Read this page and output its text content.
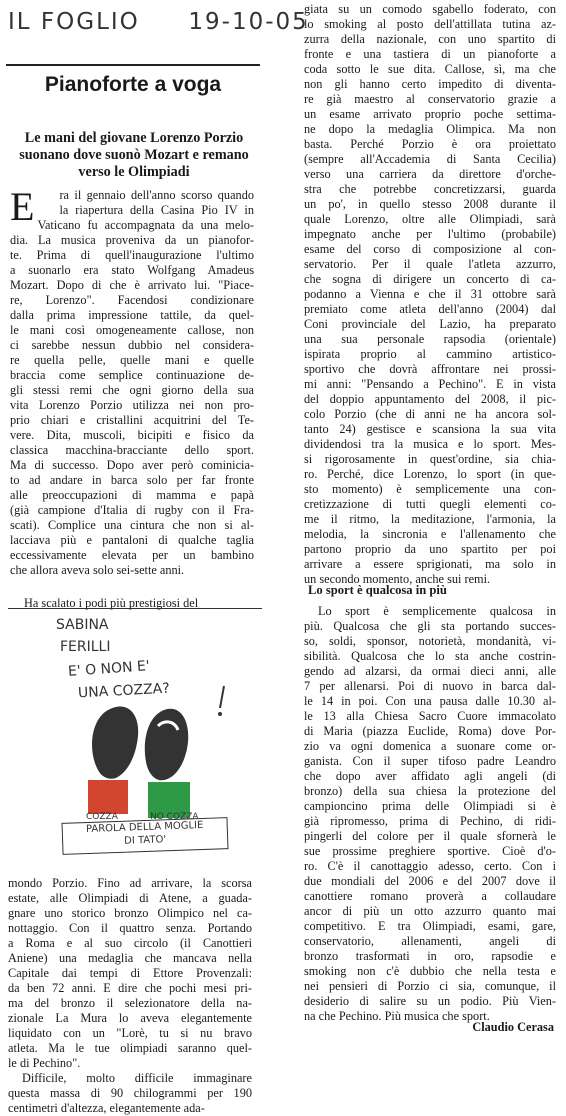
IL FOGLIO 19-10-05
Pianoforte a voga
Le mani del giovane Lorenzo Porzio suonano dove suonò Mozart e remano verso le Olimpiadi
E	ra il gennaio dell'anno scorso quando
la riapertura della Casina Pio IV in
Vaticano fu accompagnata da una melo-
dia. La musica proveniva da un pianofor-
te. Prima di quell'inaugurazione l'ultimo
a suonarlo era stato Wolfgang Amadeus
Mozart. Dopo di che è arrivato lui. "Piace-
re, Lorenzo". Facendosi condizionare
dalla prima impressione tattile, da quel-
le mani così omogeneamente callose, non
ci sarebbe nessun dubbio nel considera-
re quella pelle, quelle mani e quelle
braccia come semplice continuazione de-
gli stessi remi che ogni giorno della sua
vita Lorenzo Porzio utilizza nei non pro-
prio chiari e cristallini acquitrini del Te-
vere. Dita, muscoli, bicipiti e fisico da
classica macchina-bracciante dello sport.
Ma di successo. Dopo aver però cominicia-
to ad andare in barca solo per far fronte
alle preoccupazioni di mamma e papà
(già campione d'Italia di rugby con il Fra-
scati). Complice una cintura che non si al-
lacciava più e pantaloni di qualche taglia
eccessivamente elevata per un bambino
che allora aveva solo sei-sette anni.
Ha scalato i podi più prestigiosi del
SABINA
FERILLI
E' O NON E'
UNA COZZA?
COZZA	NO COZZA
PAROLA DELLA MOGLIE
DI TATO'
mondo Porzio. Fino ad arrivare, la scorsa
estate, alle Olimpiadi di Atene, a guada-
gnare uno storico bronzo Olimpico nel ca-
nottaggio. Con il quattro senza. Portando
a Roma e al suo circolo (il Canottieri
Aniene) una medaglia che mancava nella
Capitale dai tempi di Ettore Provenzali:
da ben 72 anni. E dire che pochi mesi pri-
ma del bronzo il selezionatore della na-
zionale La Mura lo aveva elegantemente
liquidato con un "Lorè, tu si nu bravo
atleta. Ma le tue olimpiadi saranno quel-
le di Pechino".
Difficile, molto difficile immaginare
questa massa di 90 chilogrammi per 190
centimetri d'altezza, elegantemente ada-
giata su un comodo sgabello foderato, con
lo smoking al posto dell'attillata tutina az-
zurra della nazionale, con uno spartito di
fronte e una tastiera di un pianoforte a
coda sotto le sue dita. Callose, sì, ma che
non gli hanno certo impedito di diventa-
re già maestro al conservatorio grazie a
un esame arrivato proprio poche settima-
ne dopo la medaglia Olimpica. Ma non
basta. Perché Porzio è ora proiettato
(sempre all'Accademia di Santa Cecilia)
verso una carriera da direttore d'orche-
stra che potrebbe concretizzarsi, guarda
un po', in quello stesso 2008 durante il
quale Lorenzo, oltre alle Olimpiadi, sarà
impegnato anche per l'ultimo (probabile)
esame del corso di composizione al con-
servatorio. Per il quale l'atleta azzurro,
che sogna di dirigere un concerto di ca-
podanno a Vienna e che il 31 ottobre sarà
premiato come atleta dell'anno (2004) dal
Coni provinciale del Lazio, ha preparato
una sua personale rapsodia (orientale)
ispirata proprio al cammino artistico-
sportivo che dovrà affrontare nei prossi-
mi anni: "Pensando a Pechino". E in vista
del doppio appuntamento del 2008, il pic-
colo Porzio (che di anni ne ha ancora sol-
tanto 24) gestisce e scansiona la sua vita
dividendosi tra la musica e lo sport. Mes-
si rigorosamente in quest'ordine, sia chia-
ro. Perché, dice Lorenzo, lo sport (in que-
sto momento) è semplicemente una con-
cretizzazione di tutti quegli elementi co-
me il ritmo, la meditazione, l'armonia, la
melodia, la sincronia e l'allenamento che
partono proprio da uno spartito per poi
arrivare a essere sprigionati, ma solo in
un secondo momento, anche sui remi.
Lo sport è qualcosa in più
Lo sport è semplicemente qualcosa in
più. Qualcosa che gli sta portando succes-
so, soldi, sponsor, notorietà, mondanità, vi-
sibilità. Qualcosa che lo sta anche costrin-
gendo ad alzarsi, da ormai dieci anni, alle
7 per allenarsi. Poi di nuovo in barca dal-
le 14 in poi. Con una pausa dalle 10.30 al-
le 13 alla Chiesa Sacro Cuore immacolato
di Maria (piazza Euclide, Roma) dove Por-
zio va ogni domenica a suonare come or-
ganista. Con il super tifoso padre Leandro
che dopo aver affidato agli angeli (di
bronzo) della sua chiesa la protezione del
campioncino prima delle Olimpiadi si è
già ripromesso, prima di Pechino, di ridi-
pingerli del colore per il quale sfornerà le
sue prossime preghiere sportive. Cioè d'o-
ro. C'è il canottaggio adesso, certo. Con i
due mondiali del 2006 e del 2007 dove il
canottiere romano proverà a collaudare
ancor di più un otto azzurro quanto mai
competitivo. E tra Olimpiadi, esami, gare,
conservatorio, allenamenti, angeli di
bronzo trasformati in oro, rapsodie e
smoking non c'è dubbio che nella testa e
nei pensieri di Porzio ci sia, comunque, il
desiderio di salire su un podio. Più Vien-
na che Pechino. Più musica che sport.
Claudio Cerasa
